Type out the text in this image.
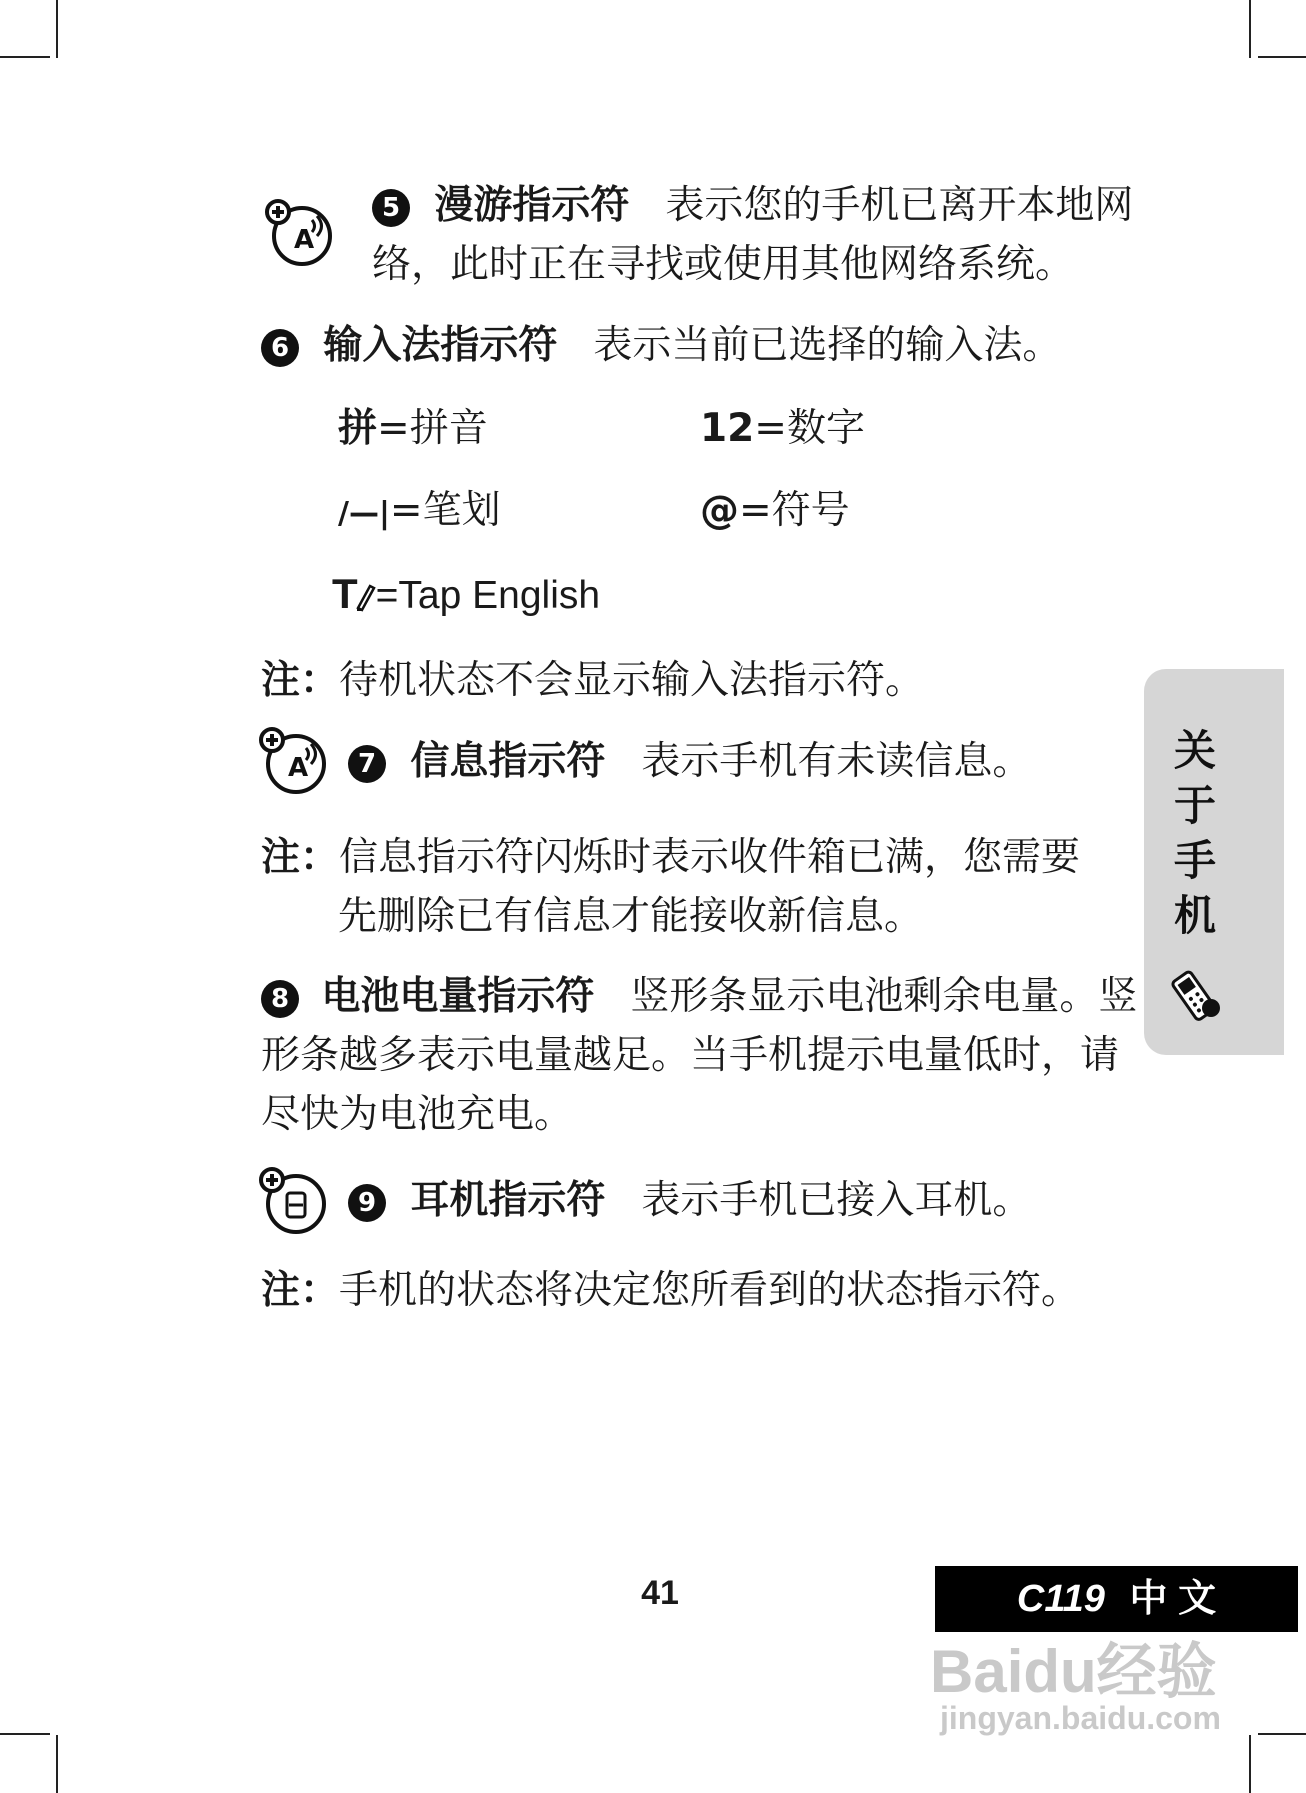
A
5 漫游指示符 表示您的手机已离开本地网
络，此时正在寻找或使用其他网络系统。
6 输入法指示符 表示当前已选择的输入法。
拼=拼音	12=数字
/—|=笔划	@=符号
T =Tap English
注：待机状态不会显示输入法指示符。
A	7 信息指示符 表示手机有未读信息。
注：信息指示符闪烁时表示收件箱已满，您需要
先删除已有信息才能接收新信息。
8 电池电量指示符 竖形条显示电池剩余电量。竖
形条越多表示电量越足。当手机提示电量低时，请
尽快为电池充电。
9 耳机指示符 表示手机已接入耳机。
注：手机的状态将决定您所看到的状态指示符。
关
于
手
机
41	C119 中 文
Baidu经验
jingyan.baidu.com
